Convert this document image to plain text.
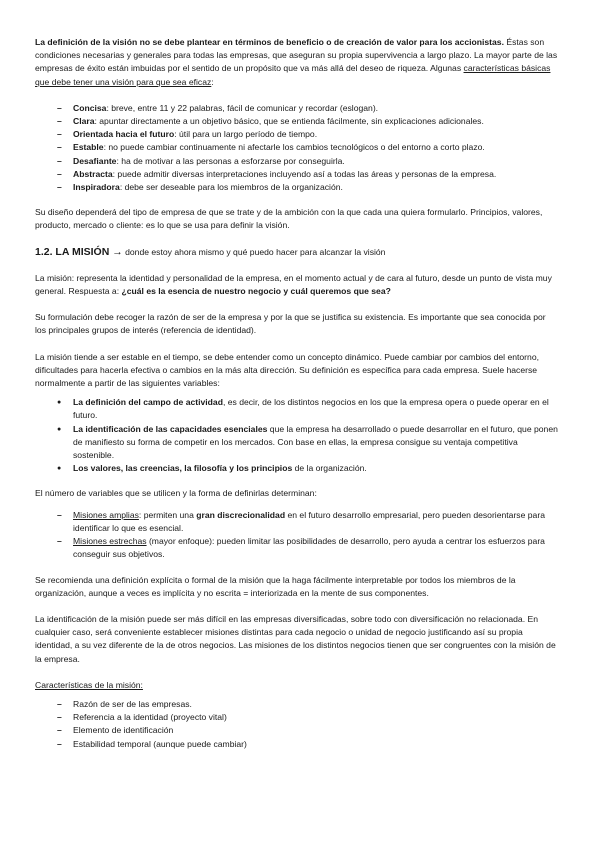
La definición de la visión no se debe plantear en términos de beneficio o de creación de valor para los accionistas. Éstas son condiciones necesarias y generales para todas las empresas, que aseguran su propia supervivencia a largo plazo. La mayor parte de las empresas de éxito están imbuidas por el sentido de un propósito que va más allá del deseo de riqueza. Algunas características básicas que debe tener una visión para que sea eficaz:

– Concisa: breve, entre 11 y 22 palabras, fácil de comunicar y recordar (eslogan).
– Clara: apuntar directamente a un objetivo básico, que se entienda fácilmente, sin explicaciones adicionales.
– Orientada hacia el futuro: útil para un largo período de tiempo.
– Estable: no puede cambiar continuamente ni afectarle los cambios tecnológicos o del entorno a corto plazo.
– Desafiante: ha de motivar a las personas a esforzarse por conseguirla.
– Abstracta: puede admitir diversas interpretaciones incluyendo así a todas las áreas y personas de la empresa.
– Inspiradora: debe ser deseable para los miembros de la organización.

Su diseño dependerá del tipo de empresa de que se trate y de la ambición con la que cada una quiera formularlo. Principios, valores, producto, mercado o cliente: es lo que se usa para definir la visión.

1.2. LA MISIÓN → donde estoy ahora mismo y qué puedo hacer para alcanzar la visión

La misión: representa la identidad y personalidad de la empresa, en el momento actual y de cara al futuro, desde un punto de vista muy general. Respuesta a: ¿cuál es la esencia de nuestro negocio y cuál queremos que sea?

Su formulación debe recoger la razón de ser de la empresa y por la que se justifica su existencia. Es importante que sea conocida por los principales grupos de interés (referencia de identidad).

La misión tiende a ser estable en el tiempo, se debe entender como un concepto dinámico. Puede cambiar por cambios del entorno, dificultades para hacerla efectiva o cambios en la más alta dirección. Su definición es específica para cada empresa. Suele hacerse normalmente a partir de las siguientes variables:

● La definición del campo de actividad, es decir, de los distintos negocios en los que la empresa opera o puede operar en el futuro.
● La identificación de las capacidades esenciales que la empresa ha desarrollado o puede desarrollar en el futuro, que ponen de manifiesto su forma de competir en los mercados. Con base en ellas, la empresa consigue su ventaja competitiva sostenible.
● Los valores, las creencias, la filosofía y los principios de la organización.

El número de variables que se utilicen y la forma de definirlas determinan:

– Misiones amplias: permiten una gran discrecionalidad en el futuro desarrollo empresarial, pero pueden desorientarse para identificar lo que es esencial.
– Misiones estrechas (mayor enfoque): pueden limitar las posibilidades de desarrollo, pero ayuda a centrar los esfuerzos para conseguir sus objetivos.

Se recomienda una definición explícita o formal de la misión que la haga fácilmente interpretable por todos los miembros de la organización, aunque a veces es implícita y no escrita = interiorizada en la mente de sus componentes.

La identificación de la misión puede ser más difícil en las empresas diversificadas, sobre todo con diversificación no relacionada. En cualquier caso, será conveniente establecer misiones distintas para cada negocio o unidad de negocio justificando así su propia identidad, a su vez diferente de la de otros negocios. Las misiones de los distintos negocios tienen que ser congruentes con la misión de la empresa.

Características de la misión:

– Razón de ser de las empresas.
– Referencia a la identidad (proyecto vital)
– Elemento de identificación
– Estabilidad temporal (aunque puede cambiar)
